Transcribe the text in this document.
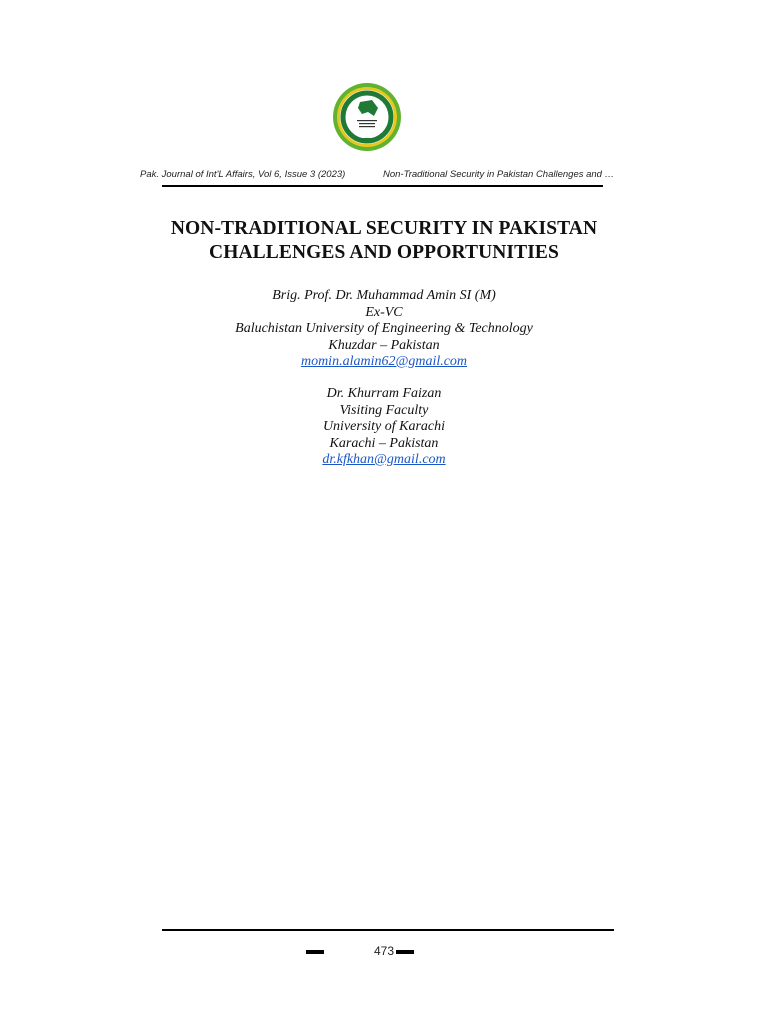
Pak. Journal of Int'L Affairs, Vol 6, Issue 3 (2023)	Non-Traditional Security in Pakistan Challenges and …
NON-TRADITIONAL SECURITY IN PAKISTAN
CHALLENGES AND OPPORTUNITIES
Brig. Prof. Dr. Muhammad Amin SI (M)
Ex-VC
Baluchistan University of Engineering & Technology
Khuzdar – Pakistan
momin.alamin62@gmail.com
Dr. Khurram Faizan
Visiting Faculty
University of Karachi
Karachi – Pakistan
dr.kfkhan@gmail.com
473
